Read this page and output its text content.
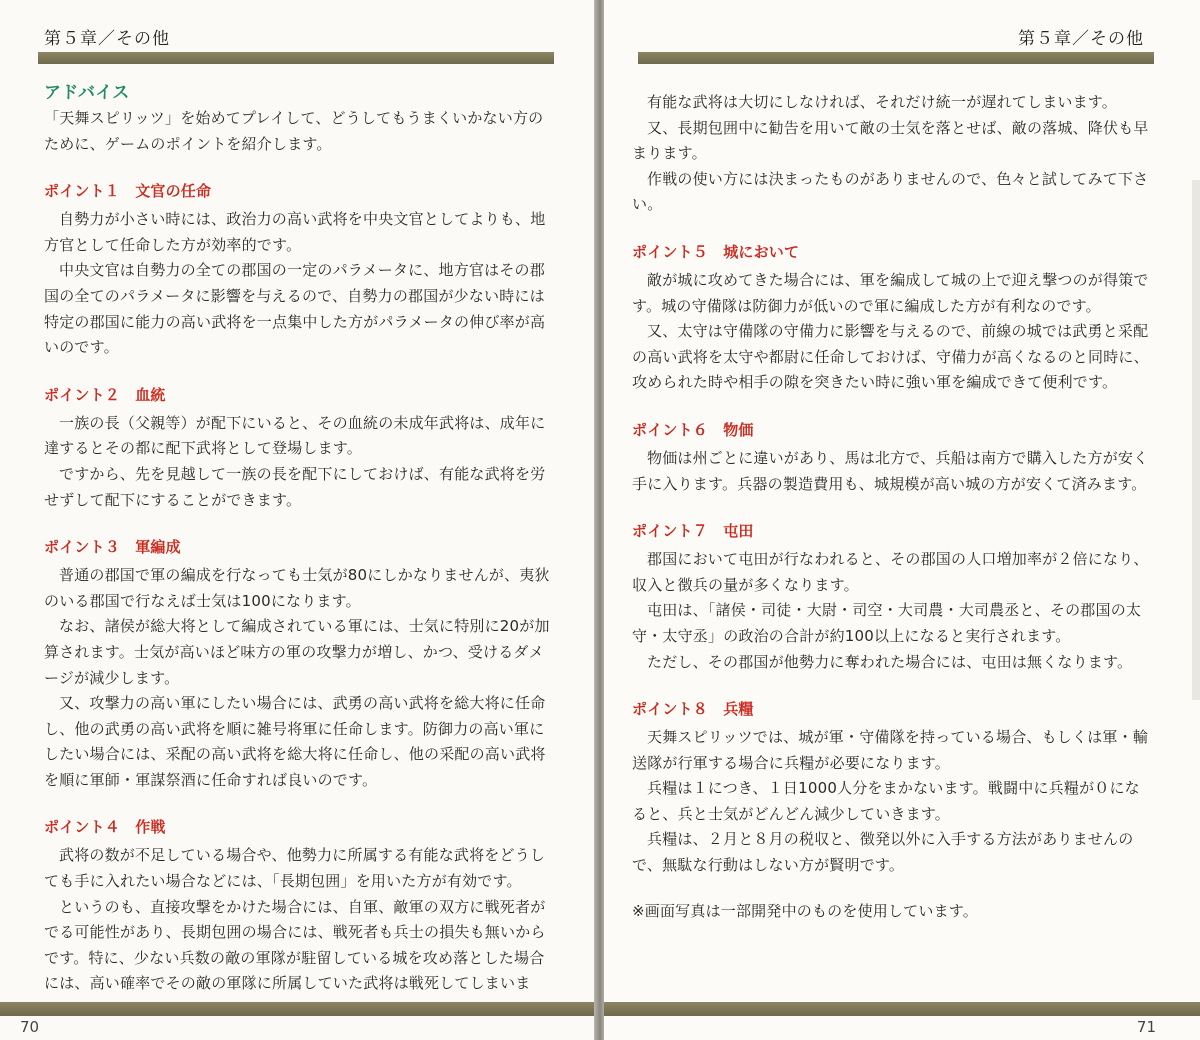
第５章／その他
アドバイス

「天舞スピリッツ」を始めてプレイして、どうしてもうまくいかない方のために、ゲームのポイントを紹介します。

ポイント１　文官の任命

自勢力が小さい時には、政治力の高い武将を中央文官としてよりも、地方官として任命した方が効率的です。

中央文官は自勢力の全ての郡国の一定のパラメータに、地方官はその郡国の全てのパラメータに影響を与えるので、自勢力の郡国が少ない時には特定の郡国に能力の高い武将を一点集中した方がパラメータの伸び率が高いのです。

ポイント２　血統

一族の長（父親等）が配下にいると、その血統の未成年武将は、成年に達するとその都に配下武将として登場します。

ですから、先を見越して一族の長を配下にしておけば、有能な武将を労せずして配下にすることができます。

ポイント３　軍編成

普通の郡国で軍の編成を行なっても士気が80にしかなりませんが、夷狄のいる郡国で行なえば士気は100になります。

なお、諸侯が総大将として編成されている軍には、士気に特別に20が加算されます。士気が高いほど味方の軍の攻撃力が増し、かつ、受けるダメージが減少します。

又、攻撃力の高い軍にしたい場合には、武勇の高い武将を総大将に任命し、他の武勇の高い武将を順に雑号将軍に任命します。防御力の高い軍にしたい場合には、采配の高い武将を総大将に任命し、他の采配の高い武将を順に軍師・軍謀祭酒に任命すれば良いのです。

ポイント４　作戦

武将の数が不足している場合や、他勢力に所属する有能な武将をどうしても手に入れたい場合などには、「長期包囲」を用いた方が有効です。

というのも、直接攻撃をかけた場合には、自軍、敵軍の双方に戦死者がでる可能性があり、長期包囲の場合には、戦死者も兵士の損失も無いからです。特に、少ない兵数の敵の軍隊が駐留している城を攻め落とした場合には、高い確率でその敵の軍隊に所属していた武将は戦死してしまいま

70
第５章／その他

有能な武将は大切にしなければ、それだけ統一が遅れてしまいます。

又、長期包囲中に勧告を用いて敵の士気を落とせば、敵の落城、降伏も早まります。

作戦の使い方には決まったものがありませんので、色々と試してみて下さい。

ポイント５　城において

敵が城に攻めてきた場合には、軍を編成して城の上で迎え撃つのが得策です。城の守備隊は防御力が低いので軍に編成した方が有利なのです。

又、太守は守備隊の守備力に影響を与えるので、前線の城では武勇と采配の高い武将を太守や都尉に任命しておけば、守備力が高くなるのと同時に、攻められた時や相手の隙を突きたい時に強い軍を編成できて便利です。

ポイント６　物価

物価は州ごとに違いがあり、馬は北方で、兵船は南方で購入した方が安く手に入ります。兵器の製造費用も、城規模が高い城の方が安くて済みます。

ポイント７　屯田

郡国において屯田が行なわれると、その郡国の人口増加率が２倍になり、収入と徴兵の量が多くなります。

屯田は、「諸侯・司徒・大尉・司空・大司農・大司農丞と、その郡国の太守・太守丞」の政治の合計が約100以上になると実行されます。

ただし、その郡国が他勢力に奪われた場合には、屯田は無くなります。

ポイント８　兵糧

天舞スピリッツでは、城が軍・守備隊を持っている場合、もしくは軍・輸送隊が行軍する場合に兵糧が必要になります。

兵糧は１につき、１日1000人分をまかないます。戦闘中に兵糧が０になると、兵と士気がどんどん減少していきます。

兵糧は、２月と８月の税収と、徴発以外に入手する方法がありませんので、無駄な行動はしない方が賢明です。

※画面写真は一部開発中のものを使用しています。

71
